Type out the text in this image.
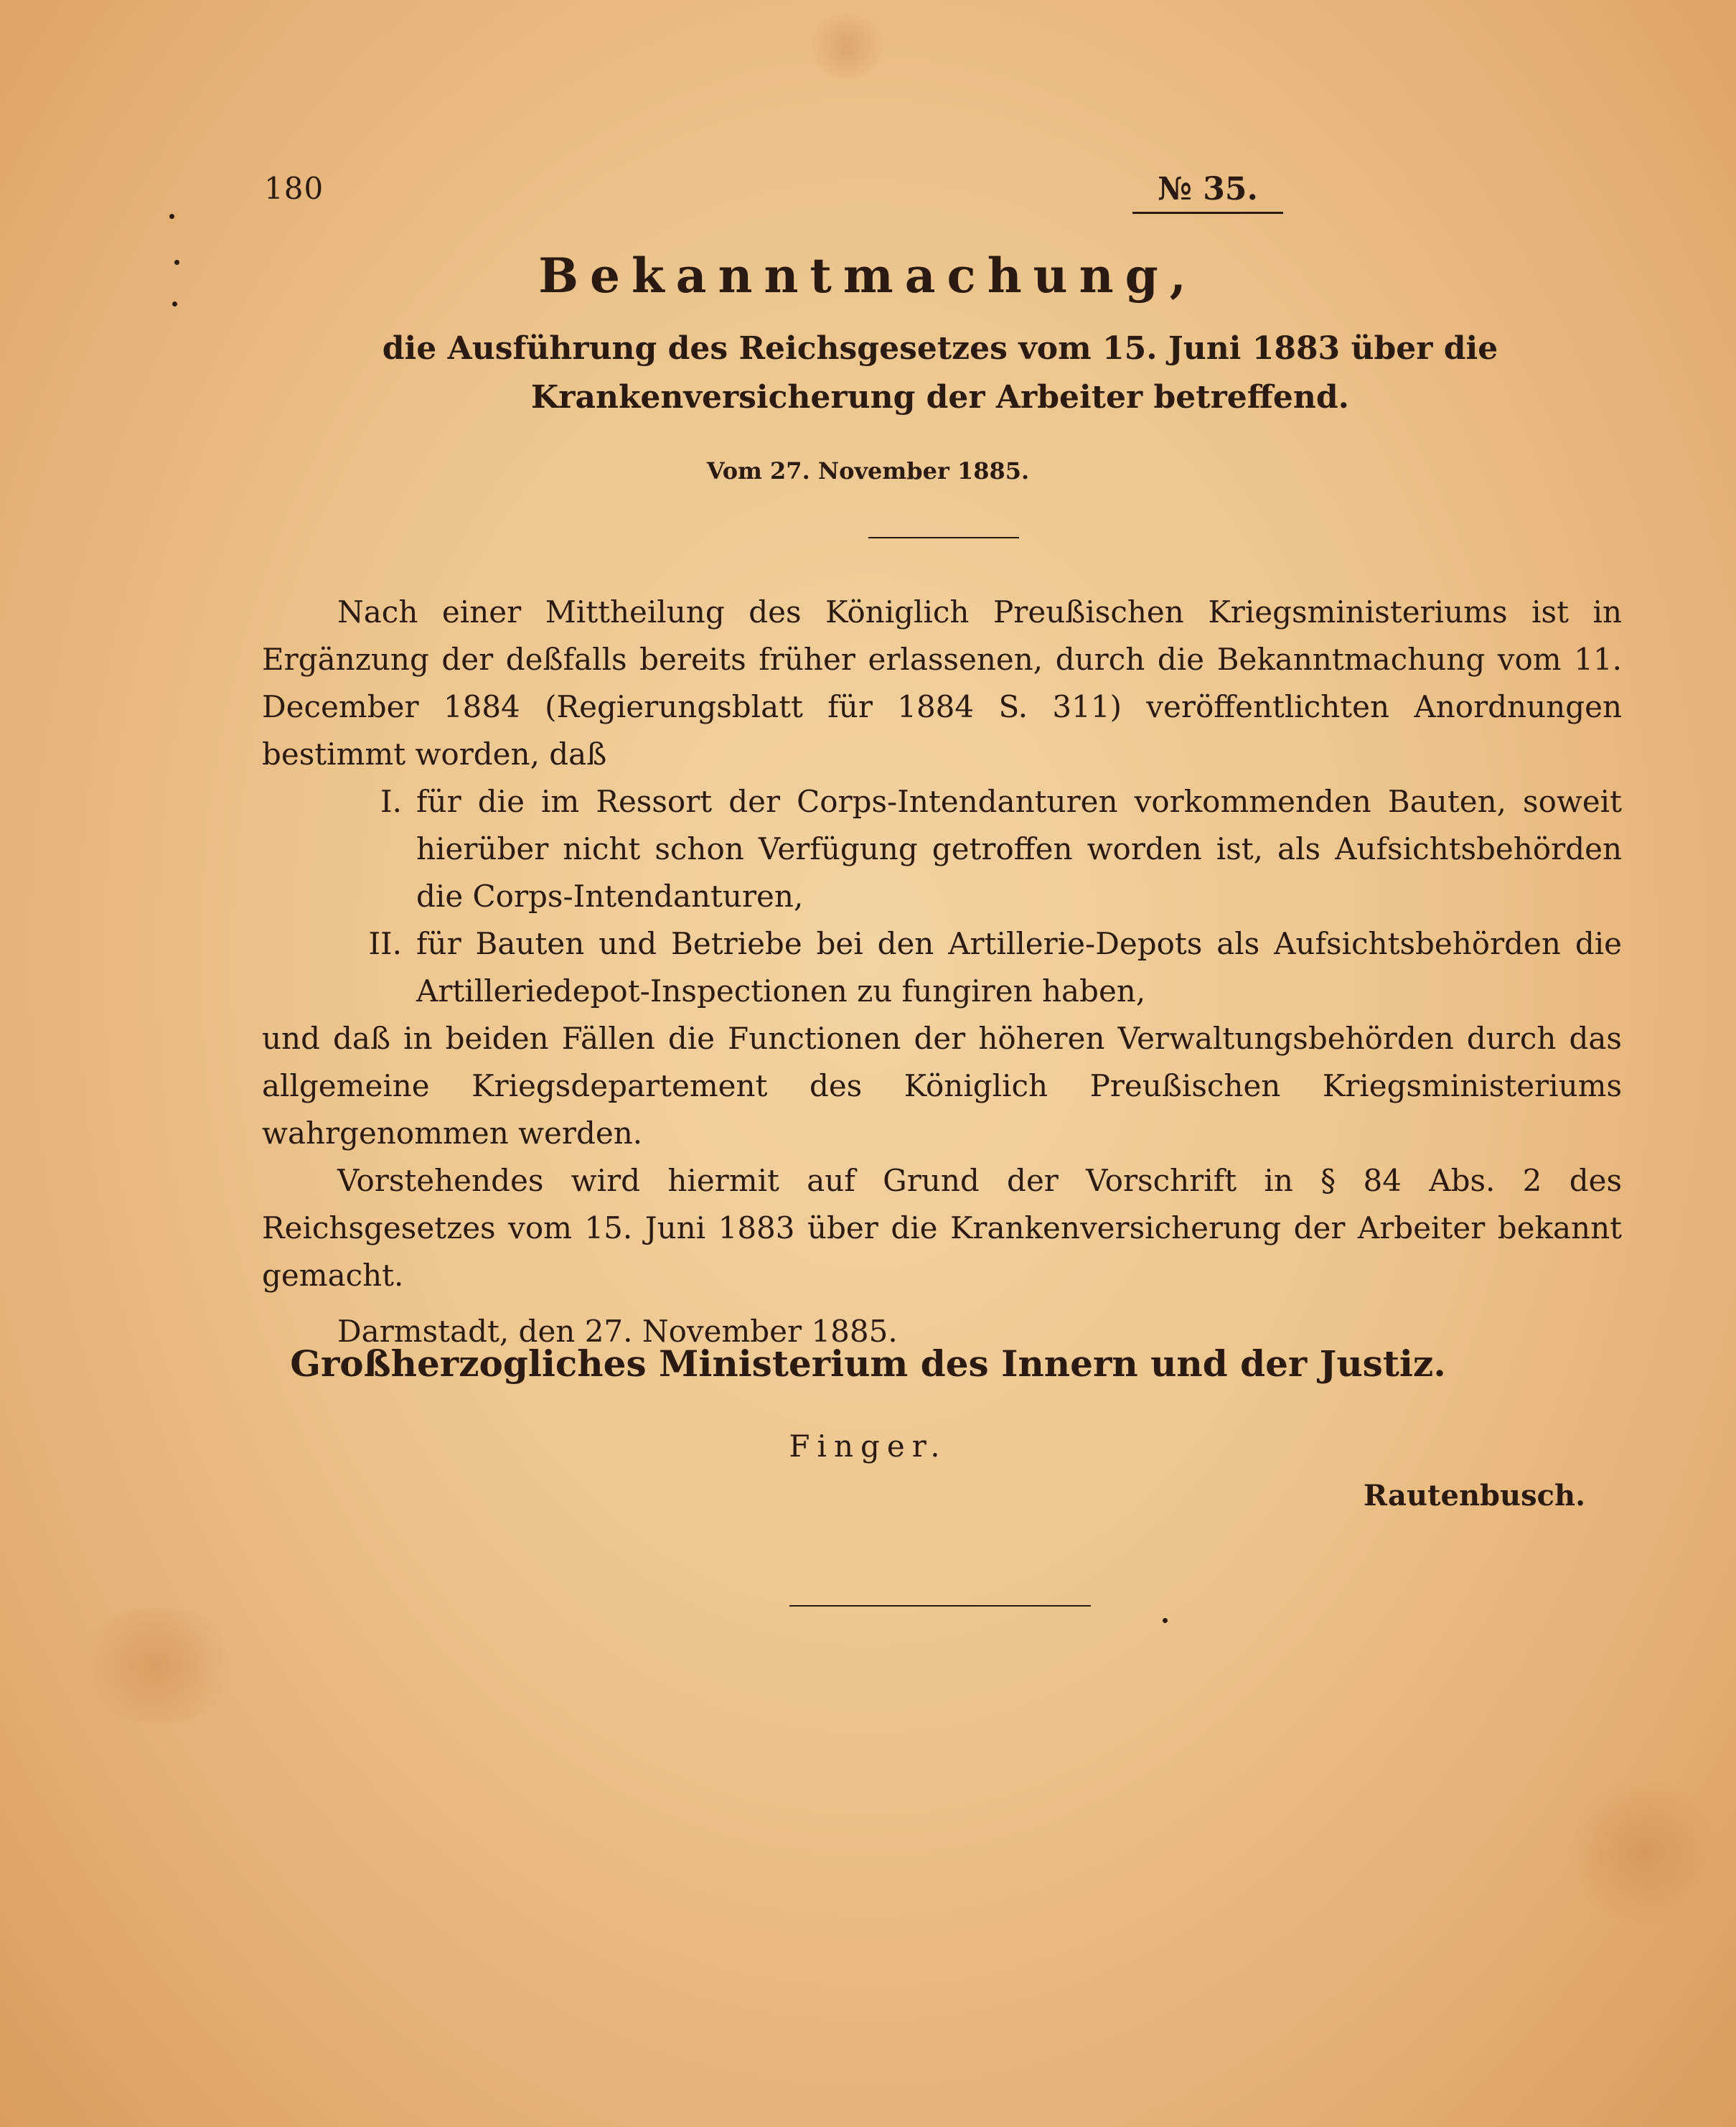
180	№ 35.
Bekanntmachung,
die Ausführung des Reichsgesetzes vom 15. Juni 1883 über die Krankenversicherung der Arbeiter betreffend.
Vom 27. November 1885.

Nach einer Mittheilung des Königlich Preußischen Kriegsministeriums ist in Ergänzung der deßfalls bereits früher erlassenen, durch die Bekanntmachung vom 11. December 1884 (Regierungsblatt für 1884 S. 311) veröffentlichten Anordnungen bestimmt worden, daß

I. für die im Ressort der Corps-Intendanturen vorkommenden Bauten, soweit hierüber nicht schon Verfügung getroffen worden ist, als Aufsichtsbehörden die Corps-Intendanturen,
II. für Bauten und Betriebe bei den Artillerie-Depots als Aufsichtsbehörden die Artilleriedepot-Inspectionen zu fungiren haben,

und daß in beiden Fällen die Functionen der höheren Verwaltungsbehörden durch das allgemeine Kriegsdepartement des Königlich Preußischen Kriegsministeriums wahrgenommen werden.

Vorstehendes wird hiermit auf Grund der Vorschrift in § 84 Abs. 2 des Reichsgesetzes vom 15. Juni 1883 über die Krankenversicherung der Arbeiter bekannt gemacht.

Darmstadt, den 27. November 1885.

Großherzogliches Ministerium des Innern und der Justiz.
Finger.
Rautenbusch.
